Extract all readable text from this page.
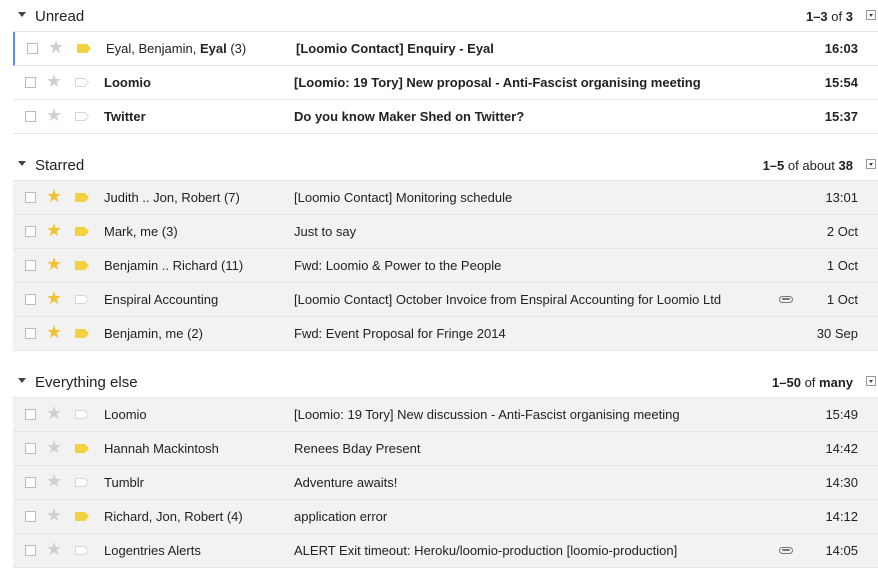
Unread	1–3 of 3
★	Eyal, Benjamin, Eyal (3)	[Loomio Contact] Enquiry - Eyal	16:03
★	Loomio	[Loomio: 19 Tory] New proposal - Anti-Fascist organising meeting	15:54
★	Twitter	Do you know Maker Shed on Twitter?	15:37
Starred	1–5 of about 38
★	Judith .. Jon, Robert (7)	[Loomio Contact] Monitoring schedule	13:01
★	Mark, me (3)	Just to say	2 Oct
★	Benjamin .. Richard (11)	Fwd: Loomio & Power to the People	1 Oct
★	Enspiral Accounting	[Loomio Contact] October Invoice from Enspiral Accounting for Loomio Ltd	1 Oct
★	Benjamin, me (2)	Fwd: Event Proposal for Fringe 2014	30 Sep
Everything else	1–50 of many
★	Loomio	[Loomio: 19 Tory] New discussion - Anti-Fascist organising meeting	15:49
★	Hannah Mackintosh	Renees Bday Present	14:42
★	Tumblr	Adventure awaits!	14:30
★	Richard, Jon, Robert (4)	application error	14:12
★	Logentries Alerts	ALERT Exit timeout: Heroku/loomio-production [loomio-production]	14:05
